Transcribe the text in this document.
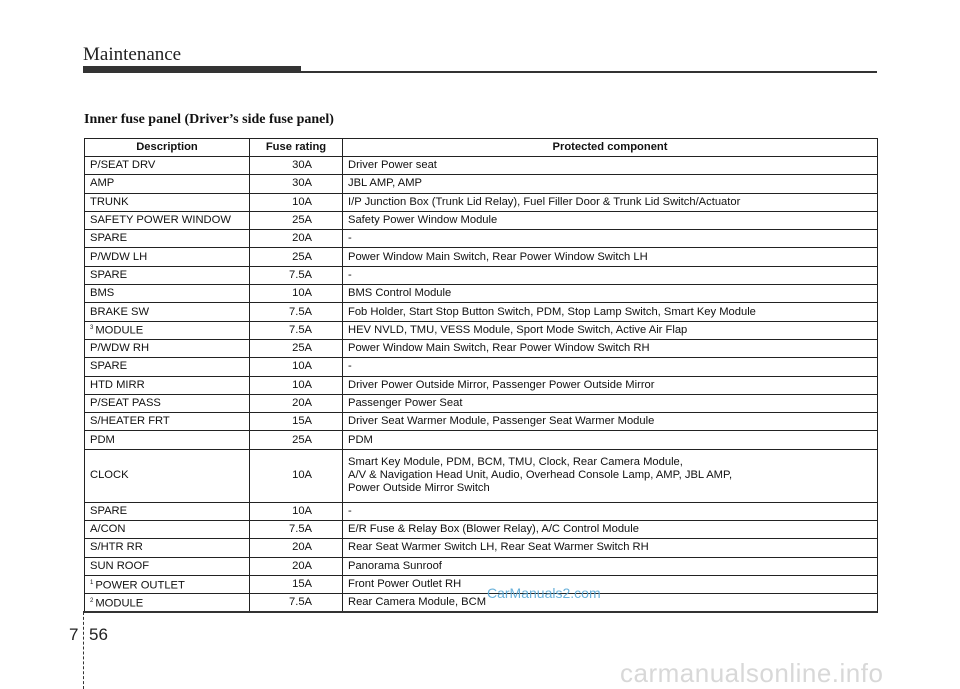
Maintenance
Inner fuse panel (Driver’s side fuse panel)
Description	Fuse rating	Protected component
P/SEAT DRV	30A	Driver Power seat
AMP	30A	JBL AMP, AMP
TRUNK	10A	I/P Junction Box (Trunk Lid Relay), Fuel Filler Door & Trunk Lid Switch/Actuator
SAFETY POWER WINDOW	25A	Safety Power Window Module
SPARE	20A	-
P/WDW LH	25A	Power Window Main Switch, Rear Power Window Switch LH
SPARE	7.5A	-
BMS	10A	BMS Control Module
BRAKE SW	7.5A	Fob Holder, Start Stop Button Switch, PDM, Stop Lamp Switch, Smart Key Module
$^3$ MODULE	7.5A	HEV NVLD, TMU, VESS Module, Sport Mode Switch, Active Air Flap
P/WDW RH	25A	Power Window Main Switch, Rear Power Window Switch RH
SPARE	10A	-
HTD MIRR	10A	Driver Power Outside Mirror, Passenger Power Outside Mirror
P/SEAT PASS	20A	Passenger Power Seat
S/HEATER FRT	15A	Driver Seat Warmer Module, Passenger Seat Warmer Module
PDM	25A	PDM
CLOCK	10A	Smart Key Module, PDM, BCM, TMU, Clock, Rear Camera Module,
A/V & Navigation Head Unit, Audio, Overhead Console Lamp, AMP, JBL AMP,
Power Outside Mirror Switch

SPARE	10A	-
A/CON	7.5A	E/R Fuse & Relay Box (Blower Relay), A/C Control Module
S/HTR RR	20A	Rear Seat Warmer Switch LH, Rear Seat Warmer Switch RH
SUN ROOF	20A	Panorama Sunroof
$^1$ POWER OUTLET	15A	Front Power Outlet RH
$^2$ MODULE	7.5A	Rear Camera Module, BCM
7 56
CarManuals2.com
carmanualsonline.info
